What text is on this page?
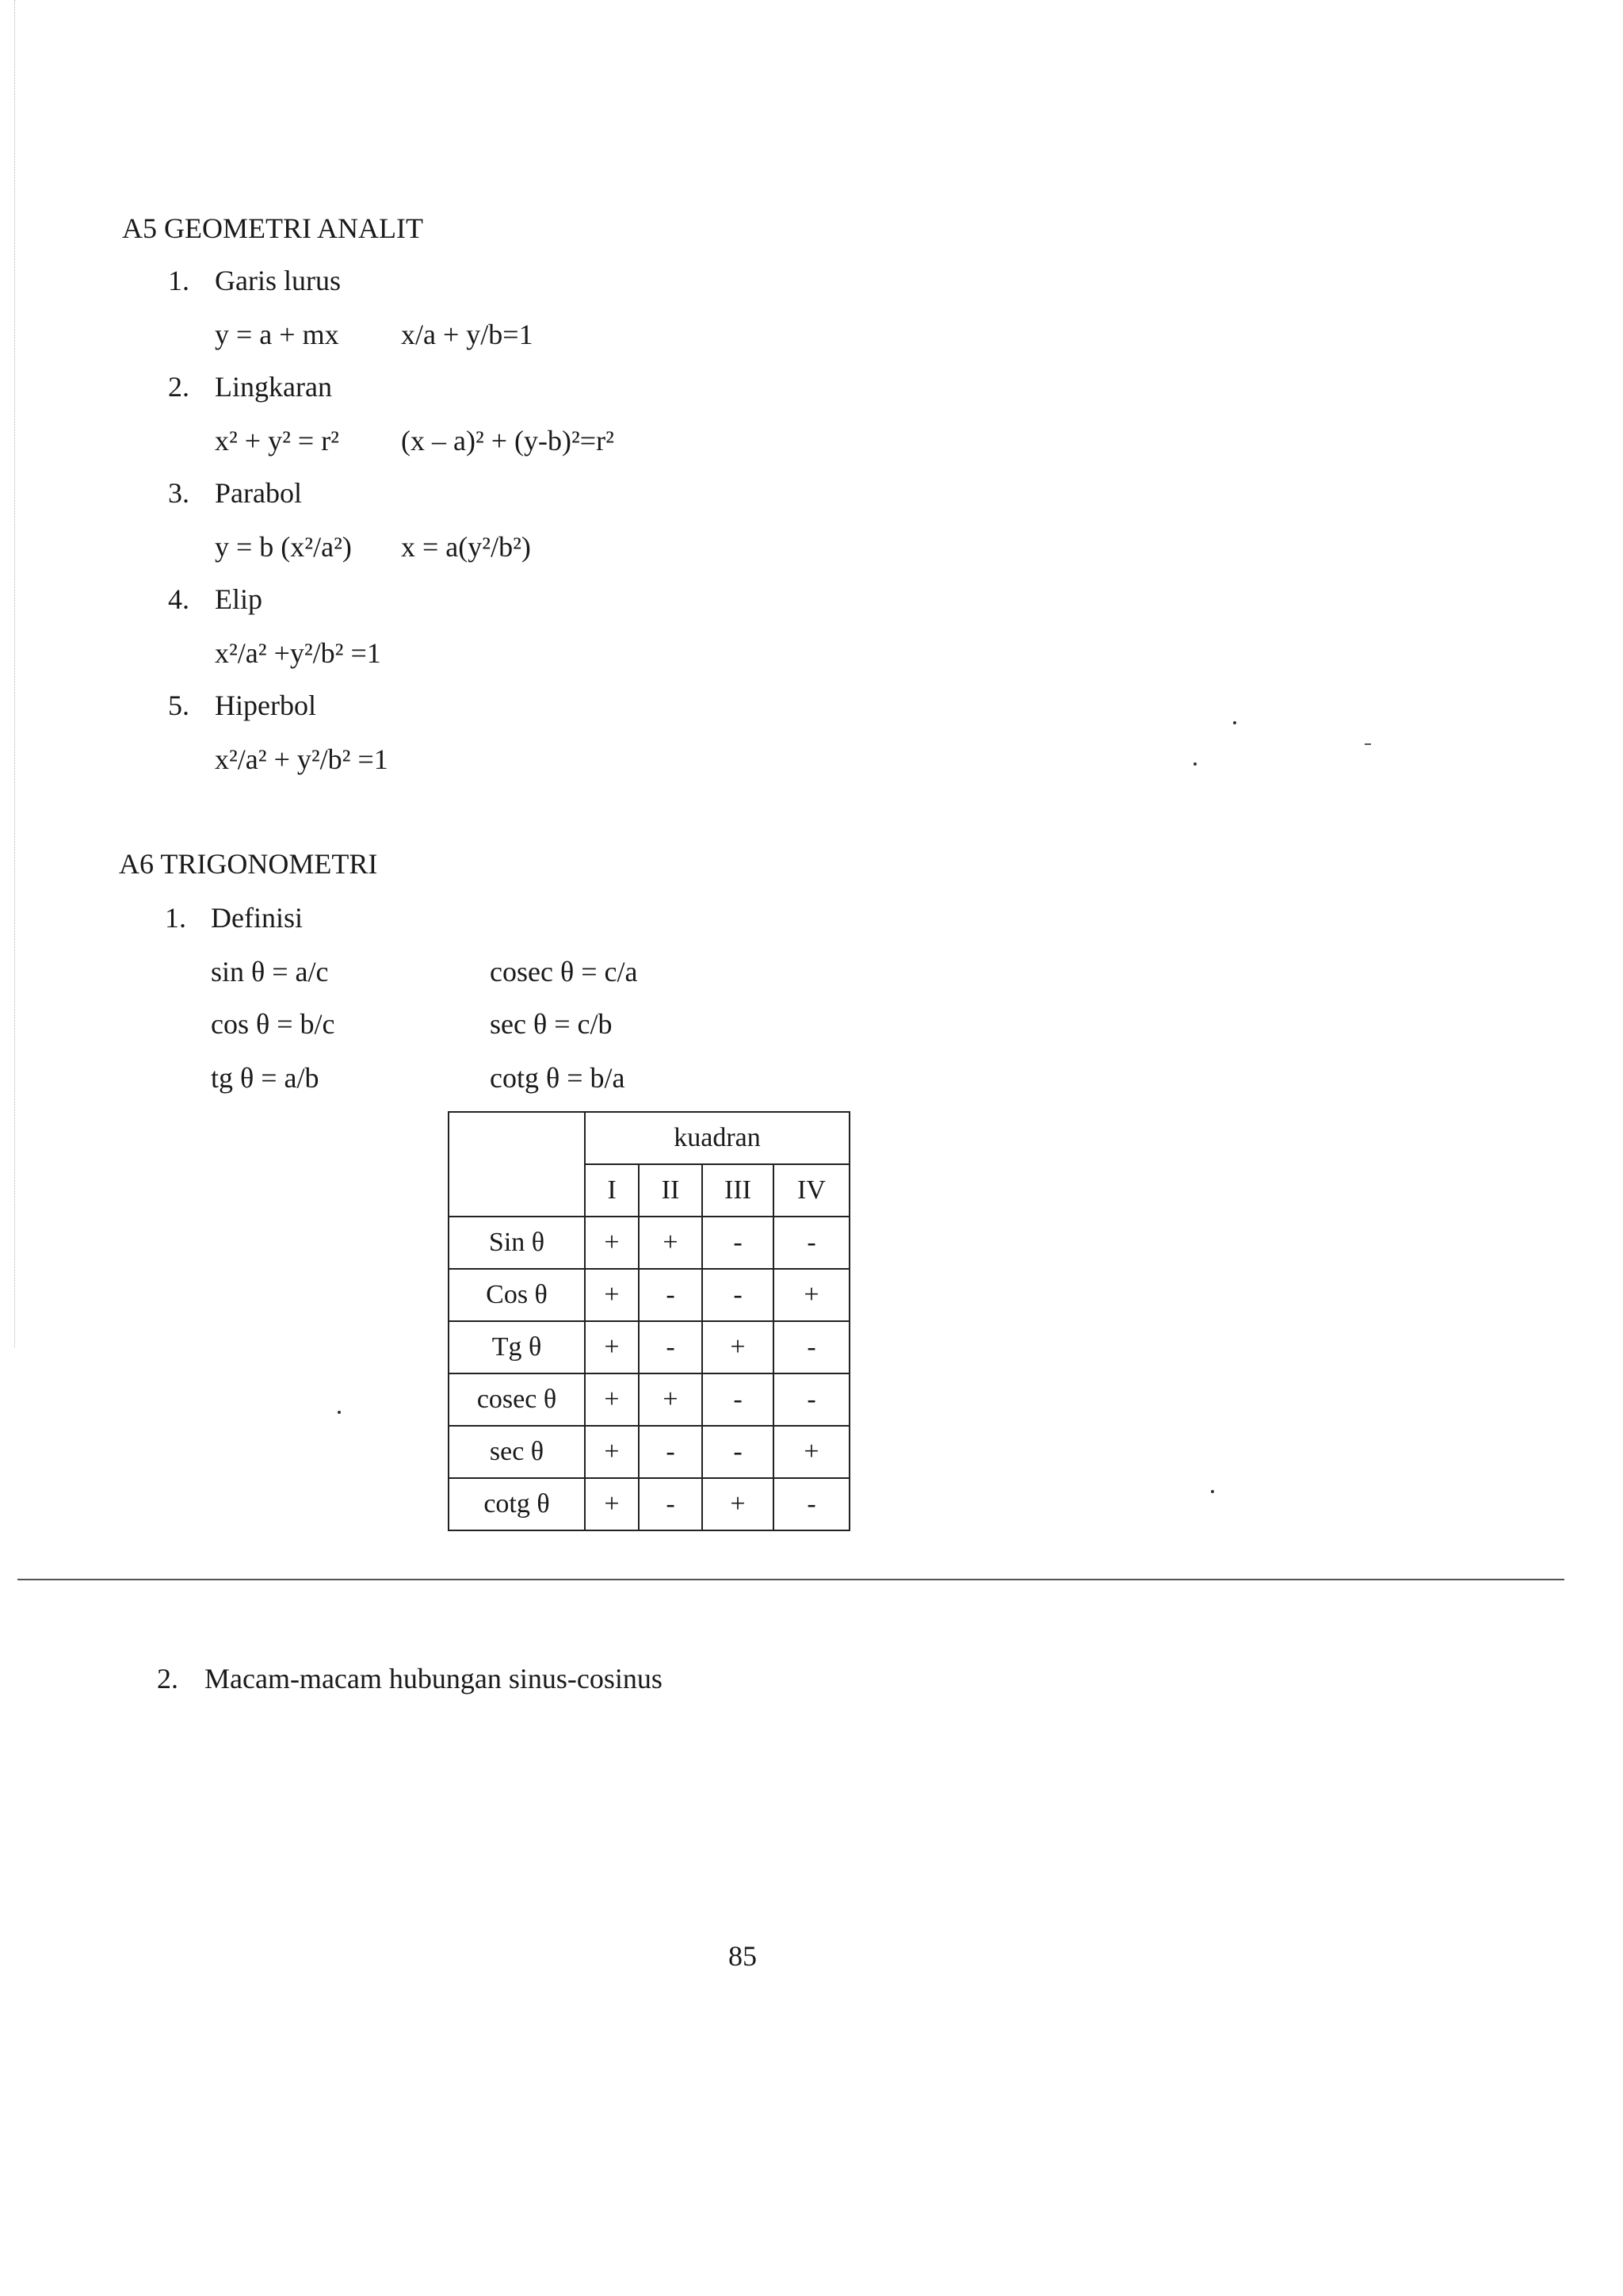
A5 GEOMETRI ANALIT
1. Garis lurus
y = a + mx x/a + y/b=1
2. Lingkaran
x² + y² = r² (x – a)² + (y-b)²=r²
3. Parabol
y = b (x²/a²) x = a(y²/b²)
4. Elip
x²/a² +y²/b² =1
5. Hiperbol
x²/a² + y²/b² =1
A6 TRIGONOMETRI
1. Definisi
sin θ = a/c	cosec θ = c/a
cos θ = b/c	sec θ = c/b
tg θ = a/b	cotg θ = b/a
	kuadran			
	I	II	III	IV
Sin θ	+	+	-	-
Cos θ	+	-	-	+
Tg θ	+	-	+	-
cosec θ	+	+	-	-
sec θ	+	-	-	+
cotg θ	+	-	+	-
2. Macam-macam hubungan sinus-cosinus
85
